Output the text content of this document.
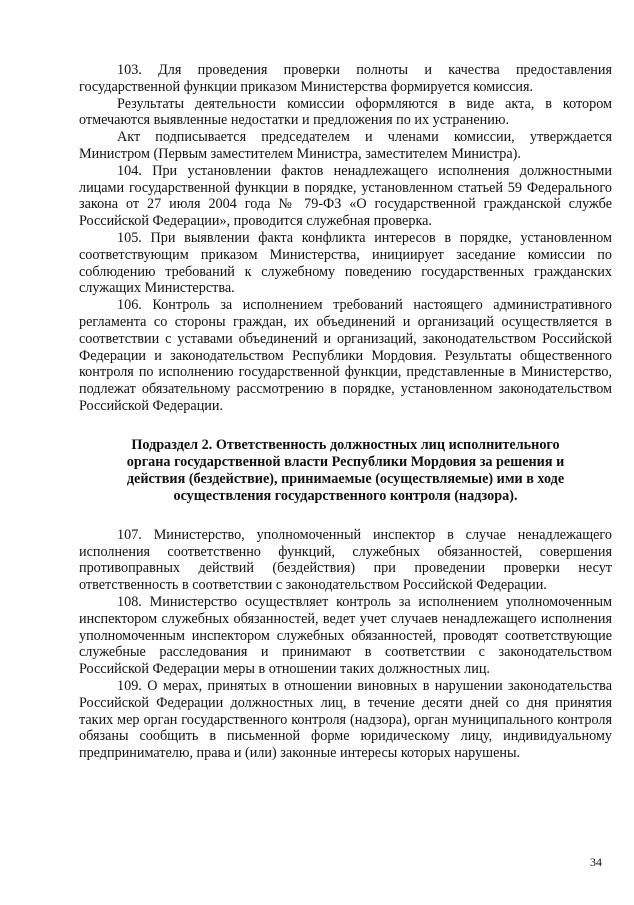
103. Для проведения проверки полноты и качества предоставления государственной функции приказом Министерства формируется комиссия.

Результаты деятельности комиссии оформляются в виде акта, в котором отмечаются выявленные недостатки и предложения по их устранению.

Акт подписывается председателем и членами комиссии, утверждается Министром (Первым заместителем Министра, заместителем Министра).

104. При установлении фактов ненадлежащего исполнения должностными лицами государственной функции в порядке, установленном статьей 59 Федерального закона от 27 июля 2004 года № 79-ФЗ «О государственной гражданской службе Российской Федерации», проводится служебная проверка.

105. При выявлении факта конфликта интересов в порядке, установленном соответствующим приказом Министерства, инициирует заседание комиссии по соблюдению требований к служебному поведению государственных гражданских служащих Министерства.

106. Контроль за исполнением требований настоящего административного регламента со стороны граждан, их объединений и организаций осуществляется в соответствии с уставами объединений и организаций, законодательством Российской Федерации и законодательством Республики Мордовия. Результаты общественного контроля по исполнению государственной функции, представленные в Министерство, подлежат обязательному рассмотрению в порядке, установленном законодательством Российской Федерации.

Подраздел 2. Ответственность должностных лиц исполнительного органа государственной власти Республики Мордовия за решения и действия (бездействие), принимаемые (осуществляемые) ими в ходе осуществления государственного контроля (надзора).

107. Министерство, уполномоченный инспектор в случае ненадлежащего исполнения соответственно функций, служебных обязанностей, совершения противоправных действий (бездействия) при проведении проверки несут ответственность в соответствии с законодательством Российской Федерации.

108. Министерство осуществляет контроль за исполнением уполномоченным инспектором служебных обязанностей, ведет учет случаев ненадлежащего исполнения уполномоченным инспектором служебных обязанностей, проводят соответствующие служебные расследования и принимают в соответствии с законодательством Российской Федерации меры в отношении таких должностных лиц.

109. О мерах, принятых в отношении виновных в нарушении законодательства Российской Федерации должностных лиц, в течение десяти дней со дня принятия таких мер орган государственного контроля (надзора), орган муниципального контроля обязаны сообщить в письменной форме юридическому лицу, индивидуальному предпринимателю, права и (или) законные интересы которых нарушены.

34
